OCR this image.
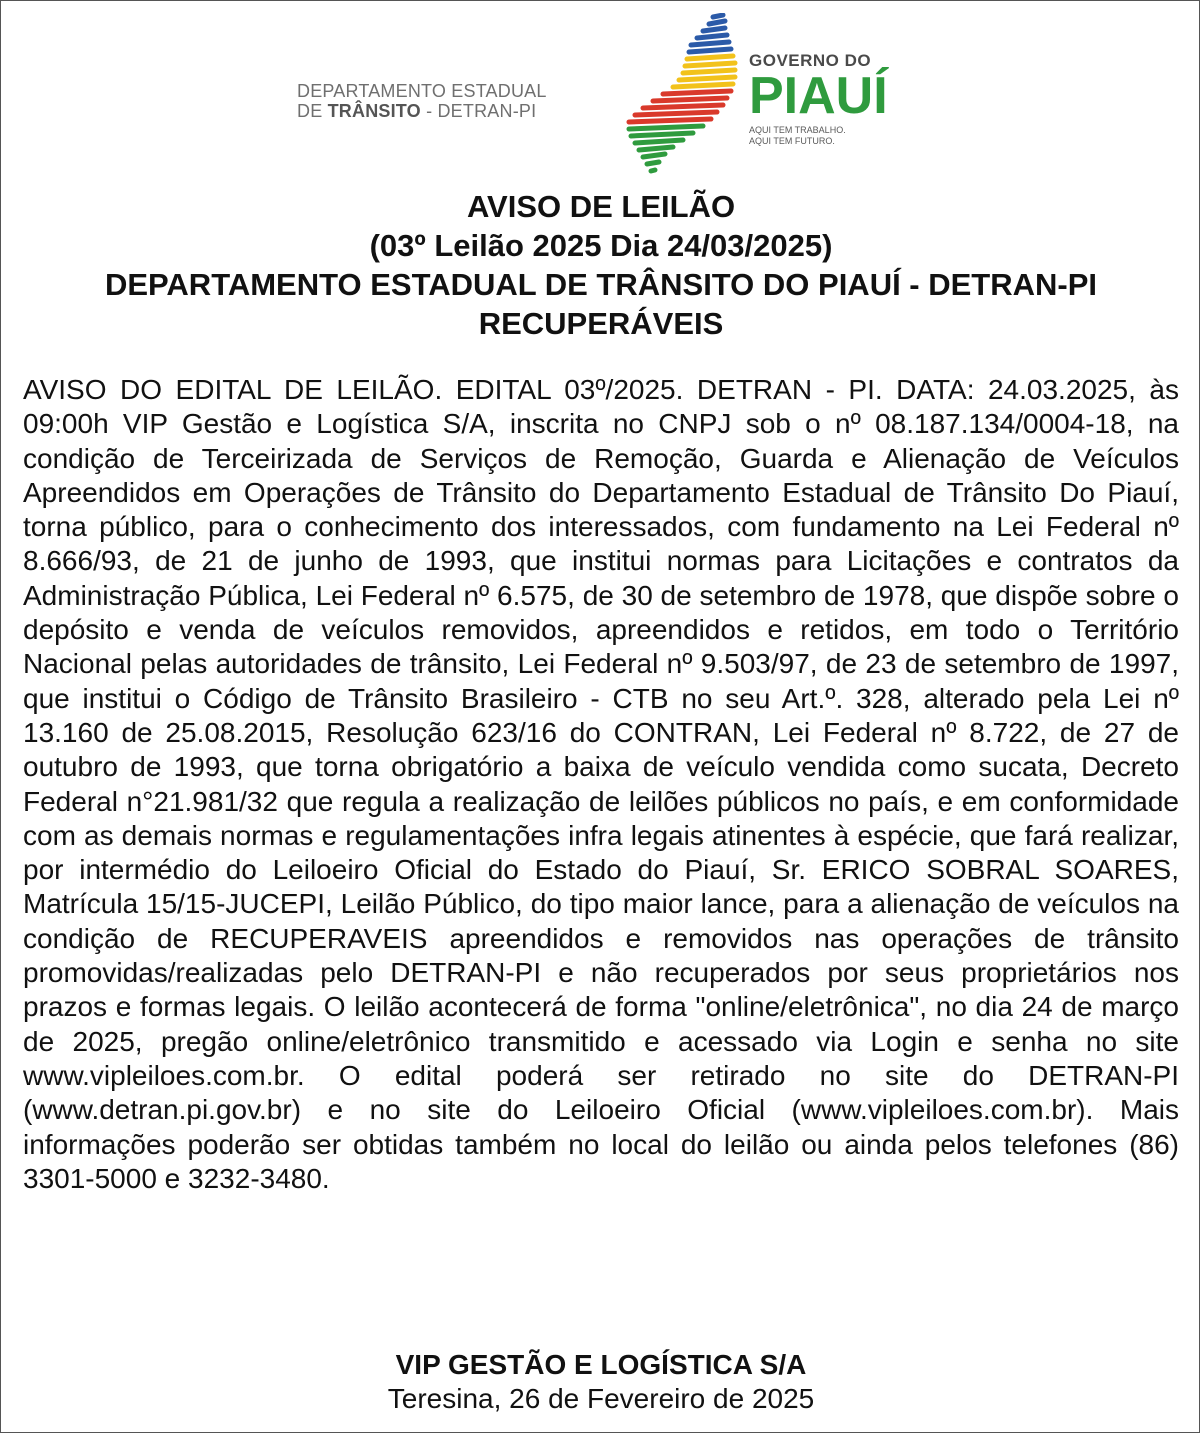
DEPARTAMENTO ESTADUAL
DE TRÂNSITO - DETRAN-PI
GOVERNO DO
PIAUÍ
AQUI TEM TRABALHO.
AQUI TEM FUTURO.
AVISO DE LEILÃO
(03º Leilão 2025 Dia 24/03/2025)
DEPARTAMENTO ESTADUAL DE TRÂNSITO DO PIAUÍ - DETRAN-PI
RECUPERÁVEIS

AVISO DO EDITAL DE LEILÃO. EDITAL 03º/2025. DETRAN - PI. DATA: 24.03.2025, às 09:00h VIP Gestão e Logística S/A, inscrita no CNPJ sob o nº 08.187.134/0004-18, na condição de Terceirizada de Serviços de Remoção, Guarda e Alienação de Veículos Apreendidos em Operações de Trânsito do Departamento Estadual de Trânsito Do Piauí, torna público, para o conhecimento dos interessados, com fundamento na Lei Federal nº 8.666/93, de 21 de junho de 1993, que institui normas para Licitações e contratos da Administração Pública, Lei Federal nº 6.575, de 30 de setembro de 1978, que dispõe sobre o depósito e venda de veículos removidos, apreendidos e retidos, em todo o Território Nacional pelas autoridades de trânsito, Lei Federal nº 9.503/97, de 23 de setembro de 1997, que institui o Código de Trânsito Brasileiro - CTB no seu Art.º. 328, alterado pela Lei nº 13.160 de 25.08.2015, Resolução 623/16 do CONTRAN, Lei Federal nº 8.722, de 27 de outubro de 1993, que torna obrigatório a baixa de veículo vendida como sucata, Decreto Federal n°21.981/32 que regula a realização de leilões públicos no país, e em conformidade com as demais normas e regulamentações infra legais atinentes à espécie, que fará realizar, por intermédio do Leiloeiro Oficial do Estado do Piauí, Sr. ERICO SOBRAL SOARES, Matrícula 15/15-JUCEPI, Leilão Público, do tipo maior lance, para a alienação de veículos na condição de RECUPERAVEIS apreendidos e removidos nas operações de trânsito promovidas/realizadas pelo DETRAN-PI e não recuperados por seus proprietários nos prazos e formas legais. O leilão acontecerá de forma "online/eletrônica", no dia 24 de março de 2025, pregão online/eletrônico transmitido e acessado via Login e senha no site www.vipleiloes.com.br. O edital poderá ser retirado no site do DETRAN-PI (www.detran.pi.gov.br) e no site do Leiloeiro Oficial (www.vipleiloes.com.br). Mais informações poderão ser obtidas também no local do leilão ou ainda pelos telefones (86) 3301-5000 e 3232-3480.

VIP GESTÃO E LOGÍSTICA S/A
Teresina, 26 de Fevereiro de 2025
